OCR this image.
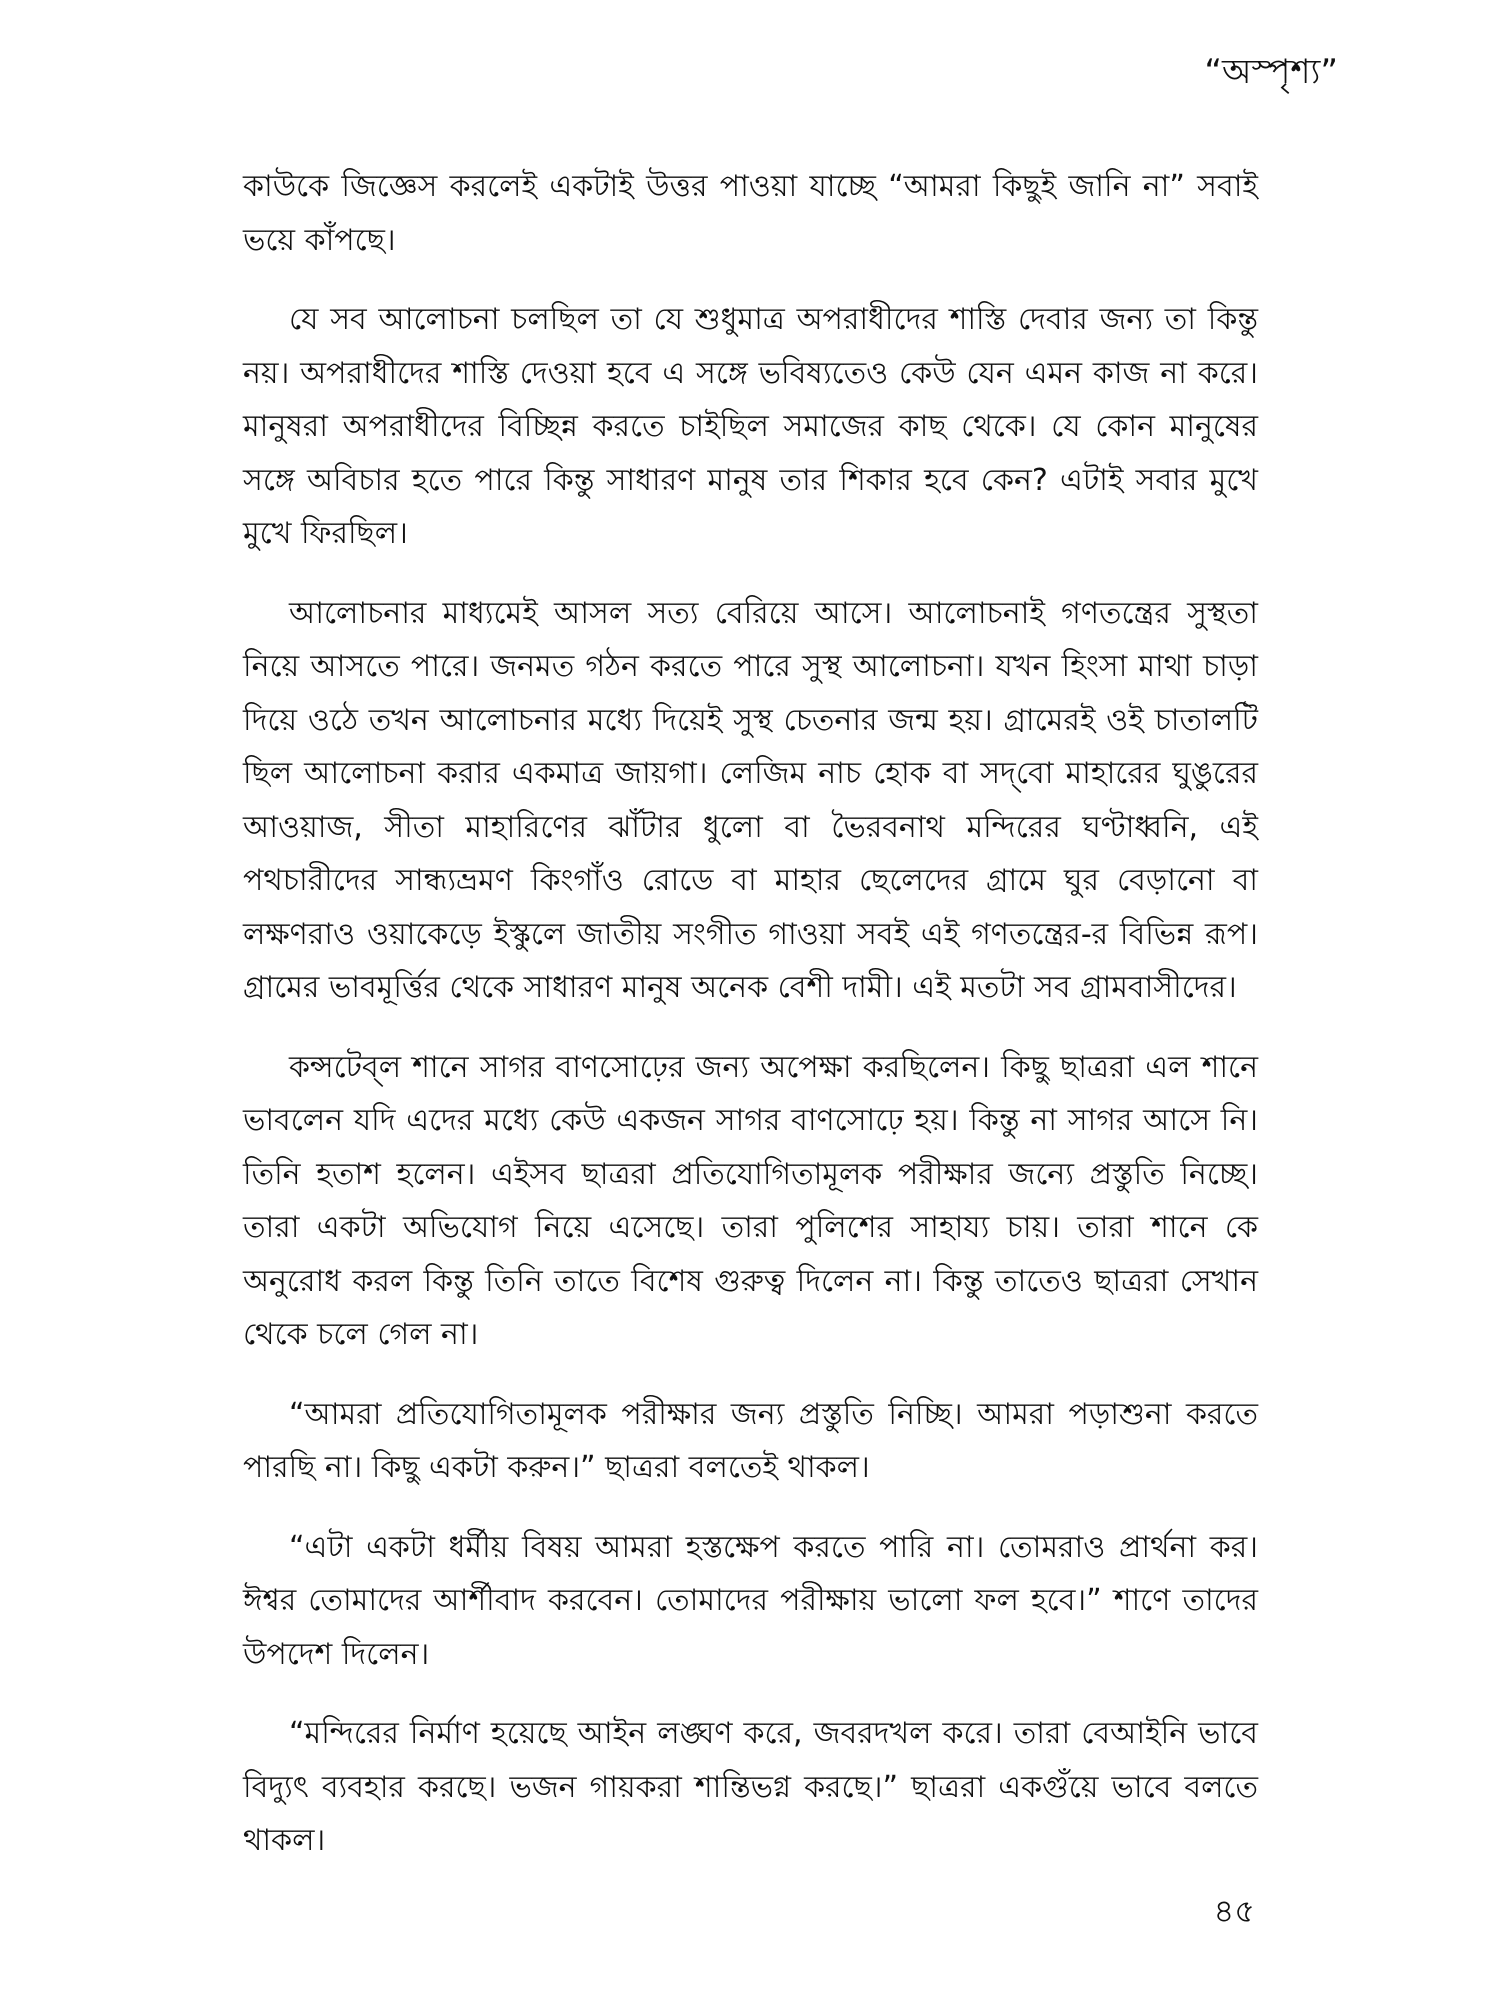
“অস্পৃশ্য”

কাউকে জিজ্ঞেস করলেই একটাই উত্তর পাওয়া যাচ্ছে “আমরা কিছুই জানি না” সবাই ভয়ে কাঁপছে।

যে সব আলোচনা চলছিল তা যে শুধুমাত্র অপরাধীদের শাস্তি দেবার জন্য তা কিন্তু নয়। অপরাধীদের শাস্তি দেওয়া হবে এ সঙ্গে ভবিষ্যতেও কেউ যেন এমন কাজ না করে। মানুষরা অপরাধীদের বিচ্ছিন্ন করতে চাইছিল সমাজের কাছ থেকে। যে কোন মানুষের সঙ্গে অবিচার হতে পারে কিন্তু সাধারণ মানুষ তার শিকার হবে কেন? এটাই সবার মুখে মুখে ফিরছিল।

আলোচনার মাধ্যমেই আসল সত্য বেরিয়ে আসে। আলোচনাই গণতন্ত্রের সুস্থতা নিয়ে আসতে পারে। জনমত গঠন করতে পারে সুস্থ আলোচনা। যখন হিংসা মাথা চাড়া দিয়ে ওঠে তখন আলোচনার মধ্যে দিয়েই সুস্থ চেতনার জন্ম হয়। গ্রামেরই ওই চাতালটি ছিল আলোচনা করার একমাত্র জায়গা। লেজিম নাচ হোক বা সদ্‌বো মাহারের ঘুঙুরের আওয়াজ, সীতা মাহারিণের ঝাঁটার ধুলো বা ভৈরবনাথ মন্দিরের ঘণ্টাধ্বনি, এই পথচারীদের সান্ধ্যভ্রমণ কিংগাঁও রোডে বা মাহার ছেলেদের গ্রামে ঘুর বেড়ানো বা লক্ষণরাও ওয়াকেড়ে ইস্কুলে জাতীয় সংগীত গাওয়া সবই এই গণতন্ত্রের-র বিভিন্ন রূপ। গ্রামের ভাবমূর্ত্তির থেকে সাধারণ মানুষ অনেক বেশী দামী। এই মতটা সব গ্রামবাসীদের।

কন্সটেব্‌ল শানে সাগর বাণসোঢ়ের জন্য অপেক্ষা করছিলেন। কিছু ছাত্ররা এল শানে ভাবলেন যদি এদের মধ্যে কেউ একজন সাগর বাণসোঢ়ে হয়। কিন্তু না সাগর আসে নি। তিনি হতাশ হলেন। এইসব ছাত্ররা প্রতিযোগিতামূলক পরীক্ষার জন্যে প্রস্তুতি নিচ্ছে। তারা একটা অভিযোগ নিয়ে এসেছে। তারা পুলিশের সাহায্য চায়। তারা শানে কে অনুরোধ করল কিন্তু তিনি তাতে বিশেষ গুরুত্ব দিলেন না। কিন্তু তাতেও ছাত্ররা সেখান থেকে চলে গেল না।

“আমরা প্রতিযোগিতামূলক পরীক্ষার জন্য প্রস্তুতি নিচ্ছি। আমরা পড়াশুনা করতে পারছি না। কিছু একটা করুন।” ছাত্ররা বলতেই থাকল।

“এটা একটা ধর্মীয় বিষয় আমরা হস্তক্ষেপ করতে পারি না। তোমরাও প্রার্থনা কর। ঈশ্বর তোমাদের আর্শীবাদ করবেন। তোমাদের পরীক্ষায় ভালো ফল হবে।” শাণে তাদের উপদেশ দিলেন।

“মন্দিরের নির্মাণ হয়েছে আইন লঙ্ঘণ করে, জবরদখল করে। তারা বেআইনি ভাবে বিদ্যুৎ ব্যবহার করছে। ভজন গায়করা শান্তিভগ্ন করছে।” ছাত্ররা একগুঁয়ে ভাবে বলতে থাকল।

৪৫
